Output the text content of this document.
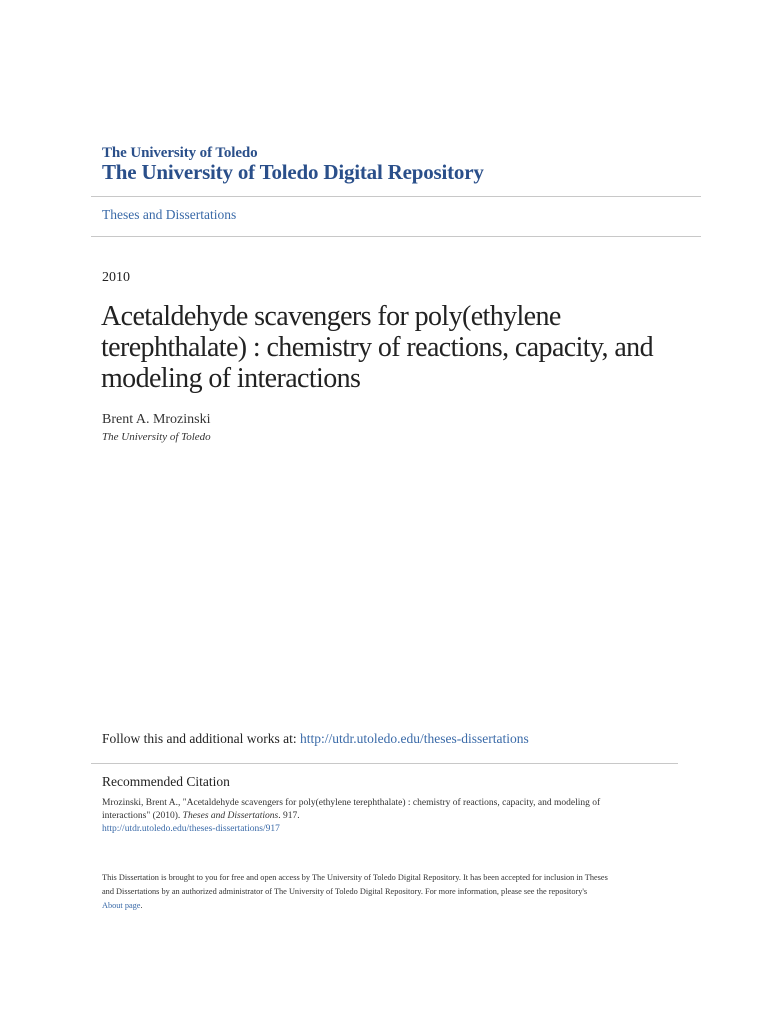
The University of Toledo
The University of Toledo Digital Repository
Theses and Dissertations
2010
Acetaldehyde scavengers for poly(ethylene
terephthalate) : chemistry of reactions, capacity, and
modeling of interactions
Brent A. Mrozinski
The University of Toledo
Follow this and additional works at: http://utdr.utoledo.edu/theses-dissertations
Recommended Citation
Mrozinski, Brent A., "Acetaldehyde scavengers for poly(ethylene terephthalate) : chemistry of reactions, capacity, and modeling of
interactions" (2010). Theses and Dissertations. 917.
http://utdr.utoledo.edu/theses-dissertations/917
This Dissertation is brought to you for free and open access by The University of Toledo Digital Repository. It has been accepted for inclusion in Theses
and Dissertations by an authorized administrator of The University of Toledo Digital Repository. For more information, please see the repository's
About page.
